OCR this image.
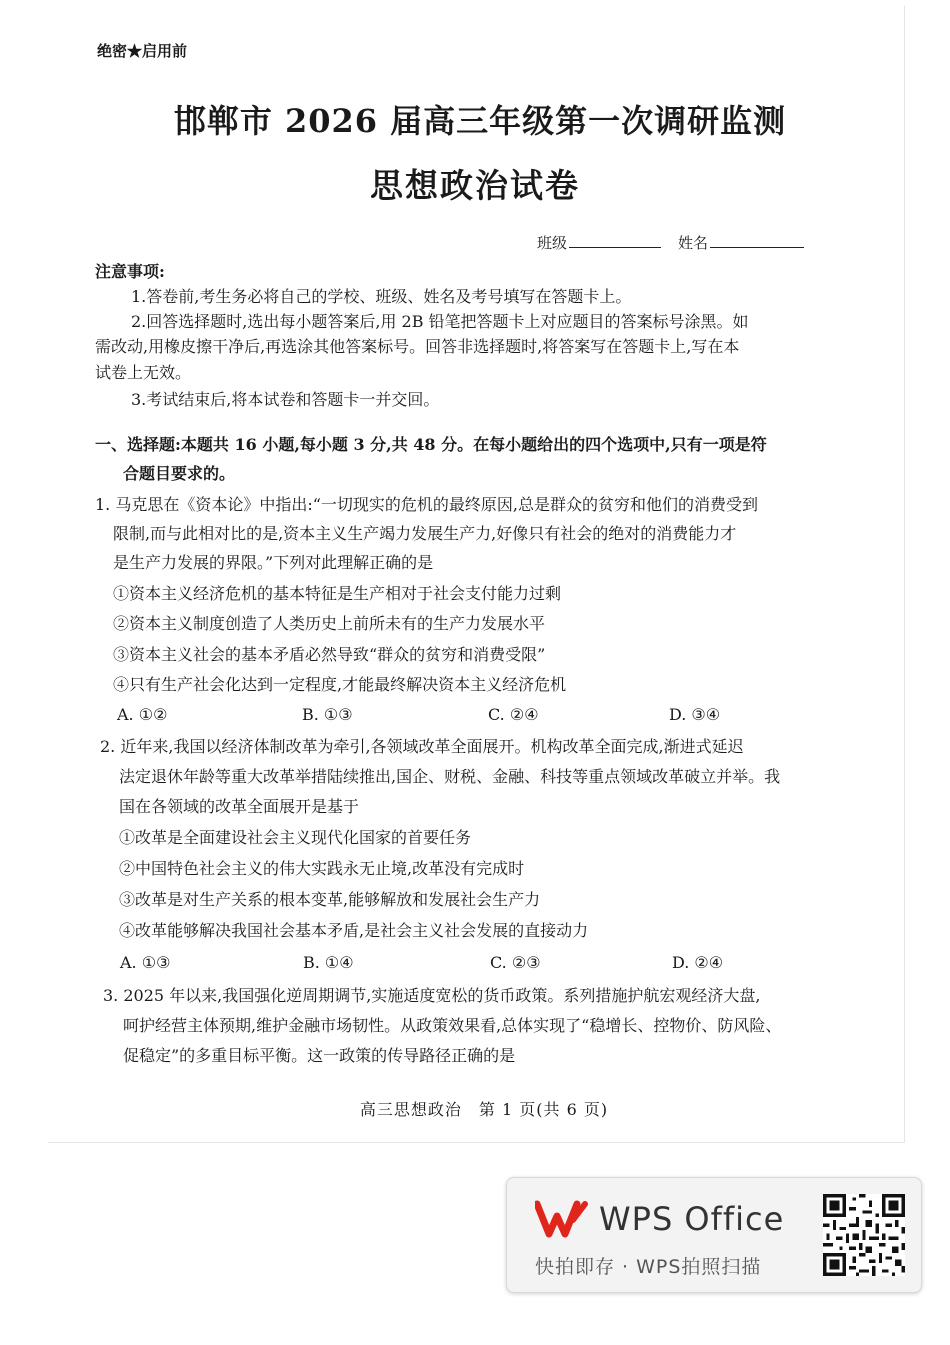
绝密★启用前
邯郸市 2026 届高三年级第一次调研监测
思想政治试卷
班级	姓名
注意事项:
1.答卷前,考生务必将自己的学校、班级、姓名及考号填写在答题卡上。
2.回答选择题时,选出每小题答案后,用 2B 铅笔把答题卡上对应题目的答案标号涂黑。如
需改动,用橡皮擦干净后,再选涂其他答案标号。回答非选择题时,将答案写在答题卡上,写在本
试卷上无效。
3.考试结束后,将本试卷和答题卡一并交回。
一、选择题:本题共 16 小题,每小题 3 分,共 48 分。在每小题给出的四个选项中,只有一项是符
合题目要求的。
1. 马克思在《资本论》中指出:“一切现实的危机的最终原因,总是群众的贫穷和他们的消费受到
限制,而与此相对比的是,资本主义生产竭力发展生产力,好像只有社会的绝对的消费能力才
是生产力发展的界限。”下列对此理解正确的是
①资本主义经济危机的基本特征是生产相对于社会支付能力过剩
②资本主义制度创造了人类历史上前所未有的生产力发展水平
③资本主义社会的基本矛盾必然导致“群众的贫穷和消费受限”
④只有生产社会化达到一定程度,才能最终解决资本主义经济危机
A. ①②	B. ①③	C. ②④	D. ③④
2. 近年来,我国以经济体制改革为牵引,各领域改革全面展开。机构改革全面完成,渐进式延迟
法定退休年龄等重大改革举措陆续推出,国企、财税、金融、科技等重点领域改革破立并举。我
国在各领域的改革全面展开是基于
①改革是全面建设社会主义现代化国家的首要任务
②中国特色社会主义的伟大实践永无止境,改革没有完成时
③改革是对生产关系的根本变革,能够解放和发展社会生产力
④改革能够解决我国社会基本矛盾,是社会主义社会发展的直接动力
A. ①③	B. ①④	C. ②③	D. ②④
3. 2025 年以来,我国强化逆周期调节,实施适度宽松的货币政策。系列措施护航宏观经济大盘,
呵护经营主体预期,维护金融市场韧性。从政策效果看,总体实现了“稳增长、控物价、防风险、
促稳定”的多重目标平衡。这一政策的传导路径正确的是
高三思想政治　第 1 页(共 6 页)
WPS Office
快拍即存 · WPS拍照扫描
